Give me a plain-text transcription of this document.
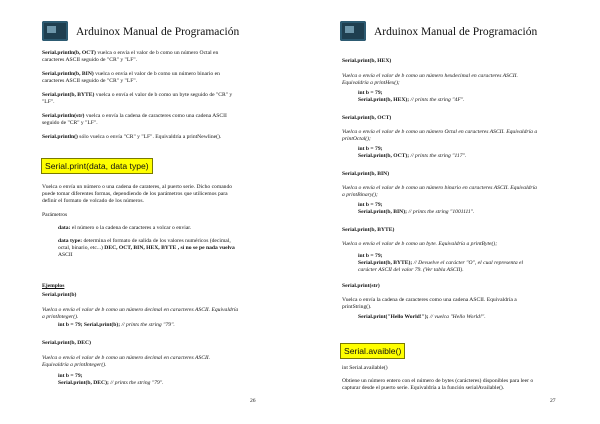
Arduinox Manual de Programación
Serial.println(b, OCT) vuelca o envía el valor de b como un número Octal en
caracteres ASCII seguido de "CR" y "LF".
Serial.println(b, BIN) vuelca o envía el valor de b como un número binario en
caracteres ASCII seguido de "CR" y "LF".
Serial.print(b, BYTE) vuelca o envía el valor de b como un byte seguido de "CR" y
"LF".
Serial.println(str) vuelca o envía la cadena de caracteres como una cadena ASCII
seguido de "CR" y "LF".
Serial.println() sólo vuelca o envía "CR" y "LF". Equivaldría a printNewline().
Serial.print(data, data type)
Vuelca o envía un número o una cadena de carateres, al puerto serie. Dicho comando
puede tomar diferentes formas, dependiendo de los parámetros que utilicemos para
definir el formato de volcado de los números.
Parámetros
data: el número o la cadena de caracteres a volcar o enviar.
data type: determina el formato de salida de los valores numéricos (decimal,
octal, binario, etc...) DEC, OCT, BIN, HEX, BYTE , si no se pe nada vuelva
ASCII
Ejemplos
Serial.print(b)
Vuelca o envía el valor de b como un número decimal en caracteres ASCII. Equivaldría
a printInteger().
int b = 79; Serial.print(b); // prints the string "79".
Serial.print(b, DEC)
Vuelca o envía el valor de b como un número decimal en caracteres ASCII.
Equivaldría a printInteger().
int b = 79;
Serial.print(b, DEC); // prints the string "79".
26
Arduinox Manual de Programación
Serial.print(b, HEX)
Vuelca o envía el valor de b como un número hexdecimal en caracteres ASCII.
Equivaldría a printHex();
int b = 79;
Serial.print(b, HEX); // prints the string "4F".
Serial.print(b, OCT)
Vuelca o envía el valor de b como un número Octal en caracteres ASCII. Equivaldría a
printOctal();
int b = 79;
Serial.print(b, OCT); // prints the string "117".
Serial.print(b, BIN)
Vuelca o envía el valor de b como un número binario en caracteres ASCII. Equivaldría
a printBinary();
int b = 79;
Serial.print(b, BIN); // prints the string "1001111".
Serial.print(b, BYTE)
Vuelca o envía el valor de b como un byte. Equivaldría a printByte();
int b = 79;
Serial.print(b, BYTE); // Devuelve el carácter "O", el cual representa el
carácter ASCII del valor 79. (Ver tabla ASCII).
Serial.print(str)
Vuelca o envía la cadena de caracteres como una cadena ASCII. Equivaldría a
printString().
Serial.print("Hello World!"); // vuelca "Hello World!".
Serial.avaible()
int Serial.available()
Obtiene un número entero con el número de bytes (carácteres) disponibles para leer o
capturar desde el puerto serie. Equivaldría a la función serialAvailable().
27
